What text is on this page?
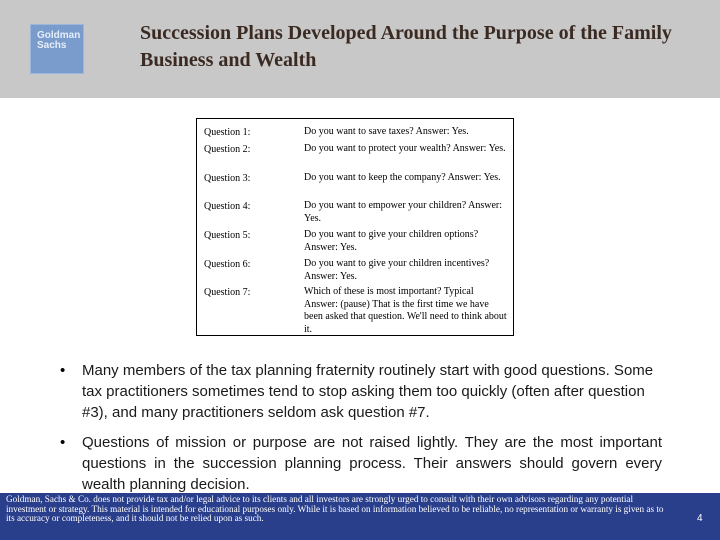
Goldman
Sachs
Succession Plans Developed Around the Purpose of the Family Business and Wealth
Question 1:	Do you want to save taxes? Answer: Yes.
Question 2:	Do you want to protect your wealth? Answer: Yes.
Question 3:	Do you want to keep the company? Answer: Yes.
Question 4:	Do you want to empower your children? Answer: Yes.
Question 5:	Do you want to give your children options? Answer: Yes.
Question 6:	Do you want to give your children incentives? Answer: Yes.
Question 7:	Which of these is most important? Typical Answer: (pause) That is the first time we have been asked that question. We'll need to think about it.
• Many members of the tax planning fraternity routinely start with good questions. Some tax practitioners sometimes tend to stop asking them too quickly (often after question #3), and many practitioners seldom ask question #7.
• Questions of mission or purpose are not raised lightly. They are the most important questions in the succession planning process. Their answers should govern every wealth planning decision.
Goldman, Sachs & Co. does not provide tax and/or legal advice to its clients and all investors are strongly urged to consult with their own advisors regarding any potential investment or strategy. This material is intended for educational purposes only. While it is based on information believed to be reliable, no representation or warranty is given as to its accuracy or completeness, and it should not be relied upon as such.	4
